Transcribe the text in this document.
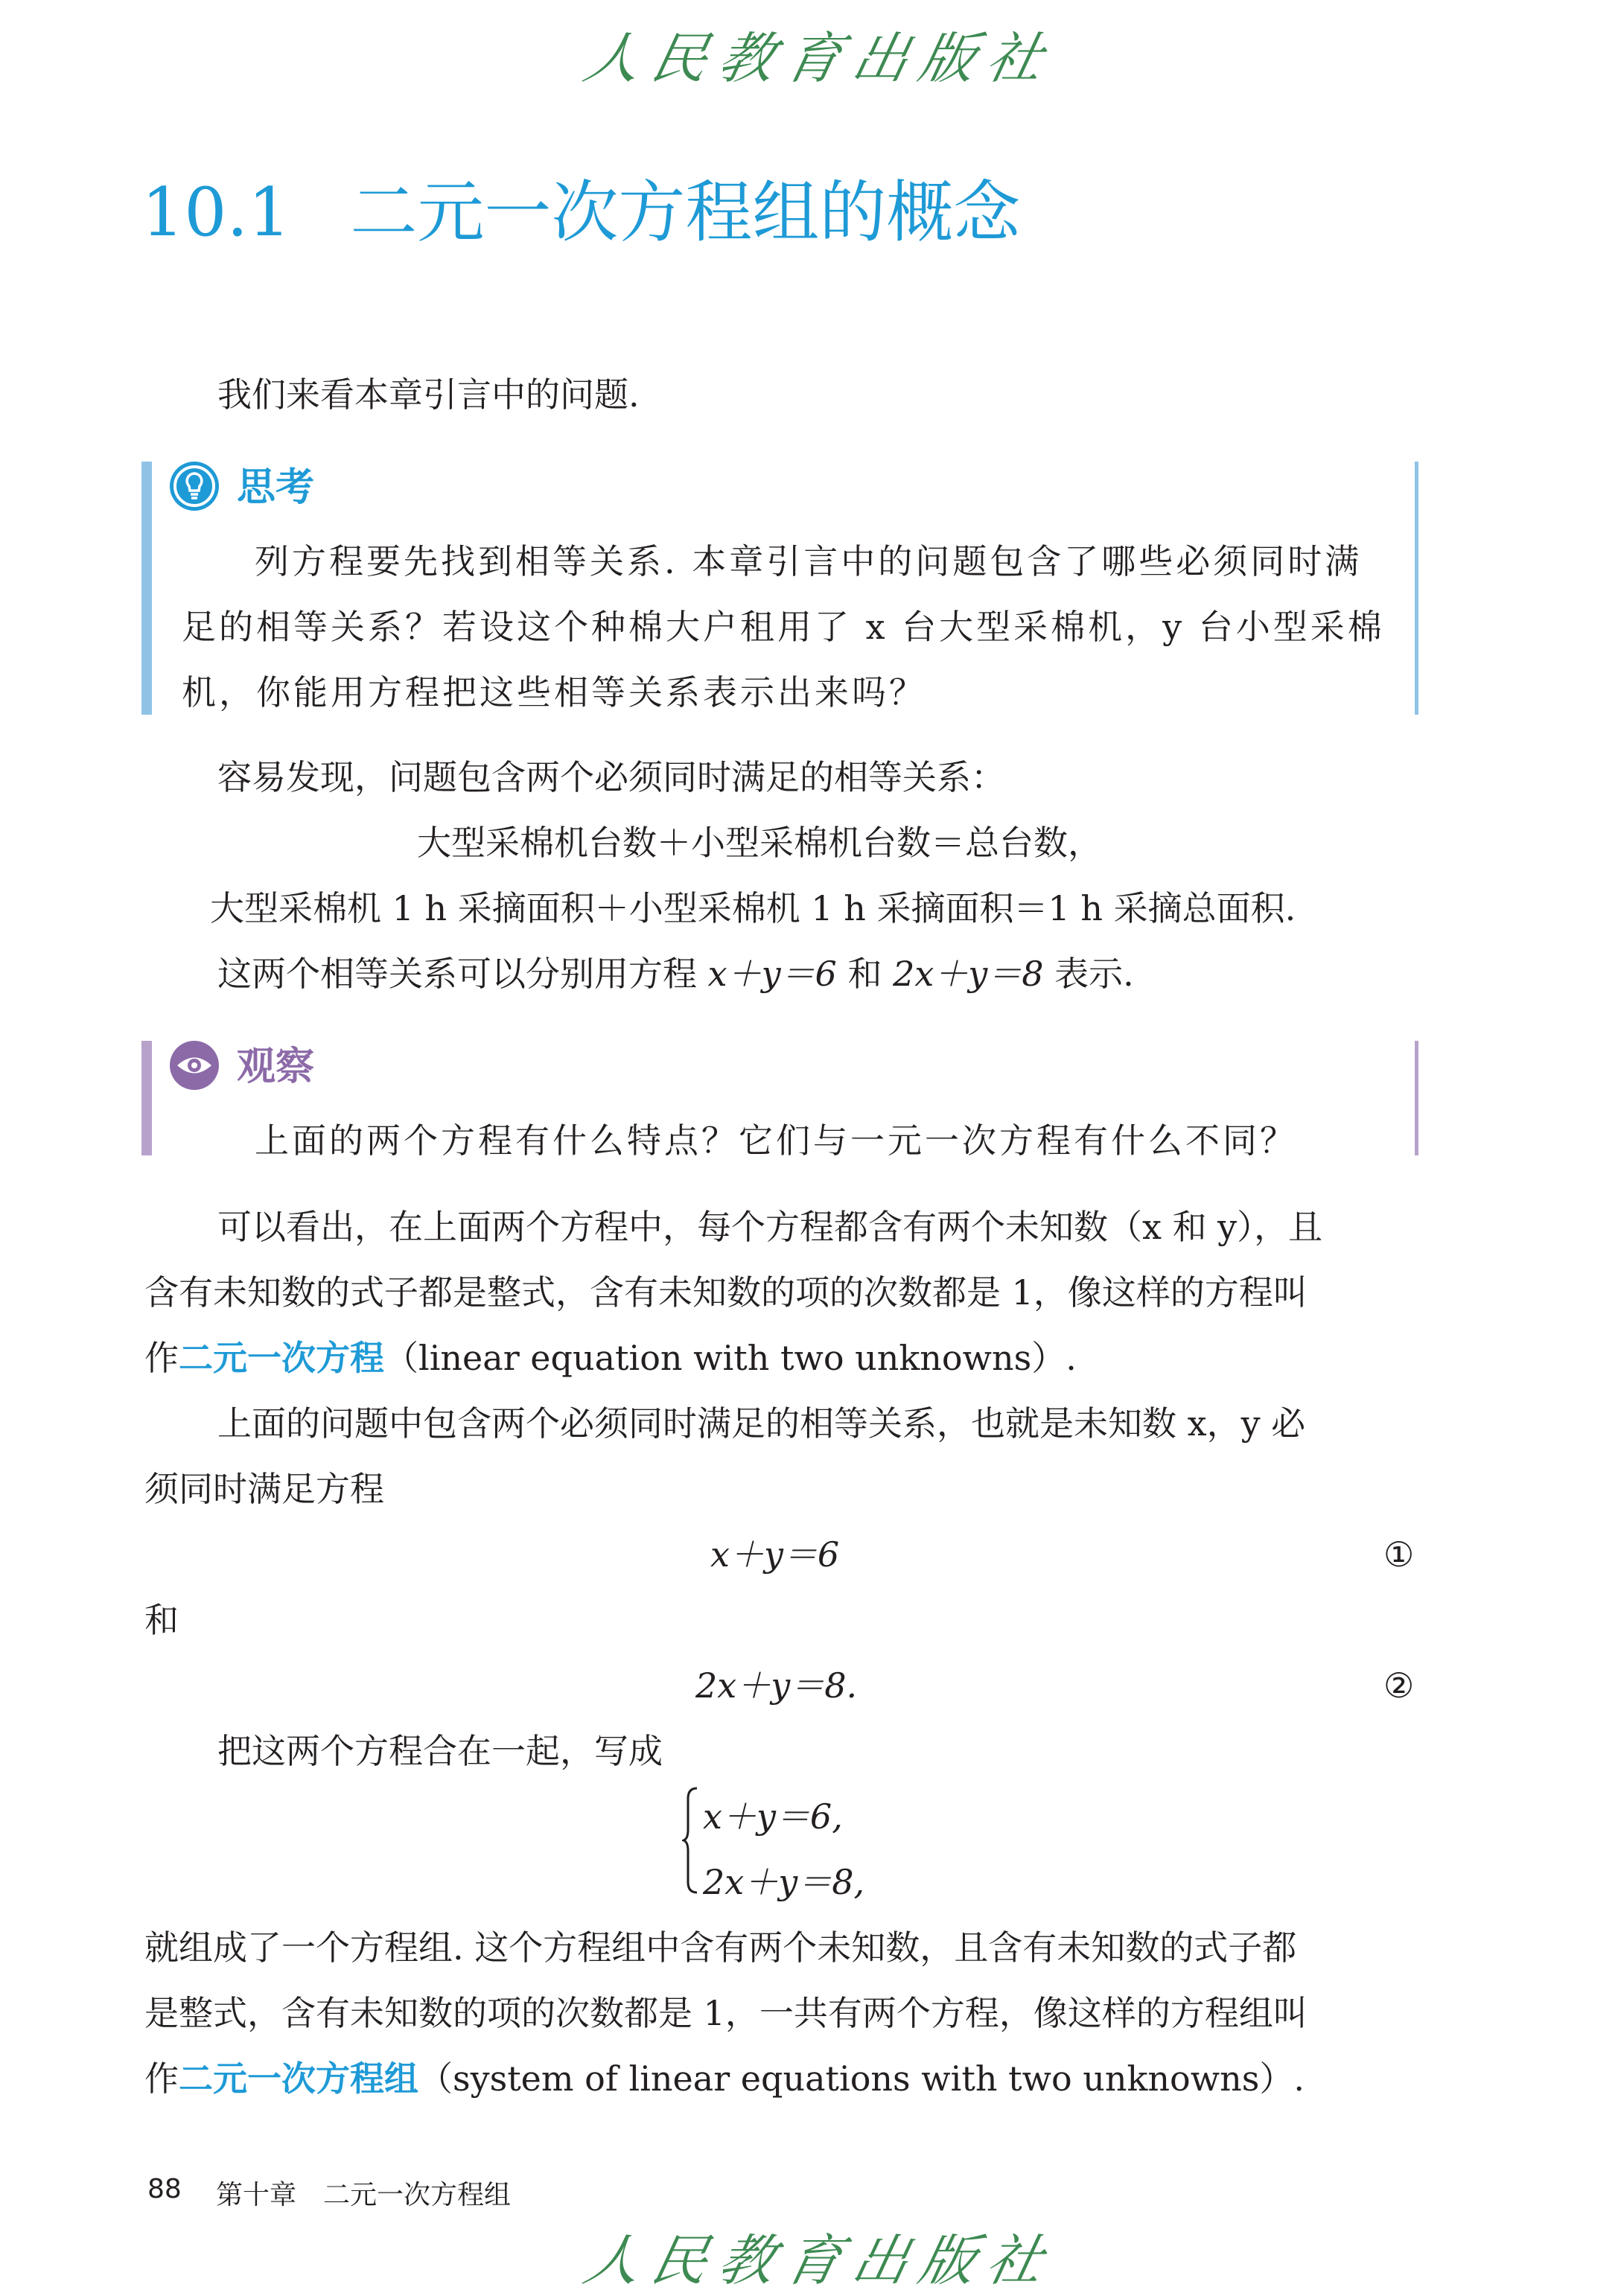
人民教育出版社
10.1 二元一次方程组的概念
我们来看本章引言中的问题.
思考
列方程要先找到相等关系. 本章引言中的问题包含了哪些必须同时满
足的相等关系？若设这个种棉大户租用了 x 台大型采棉机，y 台小型采棉
机，你能用方程把这些相等关系表示出来吗？
容易发现，问题包含两个必须同时满足的相等关系：
大型采棉机台数＋小型采棉机台数＝总台数，
大型采棉机 1 h 采摘面积＋小型采棉机 1 h 采摘面积＝1 h 采摘总面积.
这两个相等关系可以分别用方程 x＋y＝6 和 2x＋y＝8 表示.
观察
上面的两个方程有什么特点？它们与一元一次方程有什么不同？
可以看出，在上面两个方程中，每个方程都含有两个未知数（x 和 y），且
含有未知数的式子都是整式，含有未知数的项的次数都是 1，像这样的方程叫
作二元一次方程（linear equation with two unknowns）.
上面的问题中包含两个必须同时满足的相等关系，也就是未知数 x，y 必
须同时满足方程
x＋y＝6	①
和
2x＋y＝8.	②
把这两个方程合在一起，写成
x＋y＝6,
2x＋y＝8,
就组成了一个方程组. 这个方程组中含有两个未知数，且含有未知数的式子都
是整式，含有未知数的项的次数都是 1，一共有两个方程，像这样的方程组叫
作二元一次方程组（system of linear equations with two unknowns）.
88 第十章　二元一次方程组
人民教育出版社
